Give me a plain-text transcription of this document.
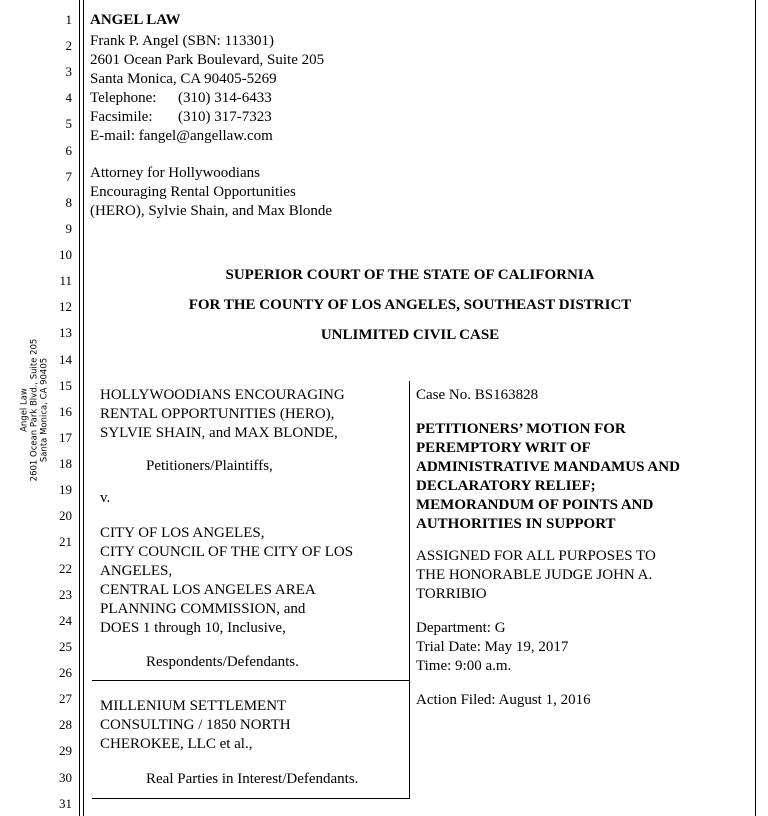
1
2
3
4
5
6
7
8
9
10
11
12
13
14
15
16
17
18
19
20
21
22
23
24
25
26
27
28
29
30
31
Angel Law 2601 Ocean Park Blvd., Suite 205 Santa Monica, CA 90405
ANGEL LAW
Frank P. Angel (SBN: 113301)
2601 Ocean Park Boulevard, Suite 205
Santa Monica, CA 90405-5269
Telephone: (310) 314-6433
Facsimile: (310) 317-7323
E-mail: fangel@angellaw.com
Attorney for Hollywoodians
Encouraging Rental Opportunities
(HERO), Sylvie Shain, and Max Blonde
SUPERIOR COURT OF THE STATE OF CALIFORNIA
FOR THE COUNTY OF LOS ANGELES, SOUTHEAST DISTRICT
UNLIMITED CIVIL CASE
HOLLYWOODIANS ENCOURAGING
RENTAL OPPORTUNITIES (HERO),
SYLVIE SHAIN, and MAX BLONDE,
Petitioners/Plaintiffs,
v.
CITY OF LOS ANGELES,
CITY COUNCIL OF THE CITY OF LOS
ANGELES,
CENTRAL LOS ANGELES AREA
PLANNING COMMISSION, and
DOES 1 through 10, Inclusive,
Respondents/Defendants.
MILLENIUM SETTLEMENT
CONSULTING / 1850 NORTH
CHEROKEE, LLC et al.,
Real Parties in Interest/Defendants.
Case No. BS163828
PETITIONERS’ MOTION FOR
PEREMPTORY WRIT OF
ADMINISTRATIVE MANDAMUS AND
DECLARATORY RELIEF;
MEMORANDUM OF POINTS AND
AUTHORITIES IN SUPPORT
ASSIGNED FOR ALL PURPOSES TO
THE HONORABLE JUDGE JOHN A.
TORRIBIO
Department: G
Trial Date: May 19, 2017
Time: 9:00 a.m.
Action Filed: August 1, 2016
